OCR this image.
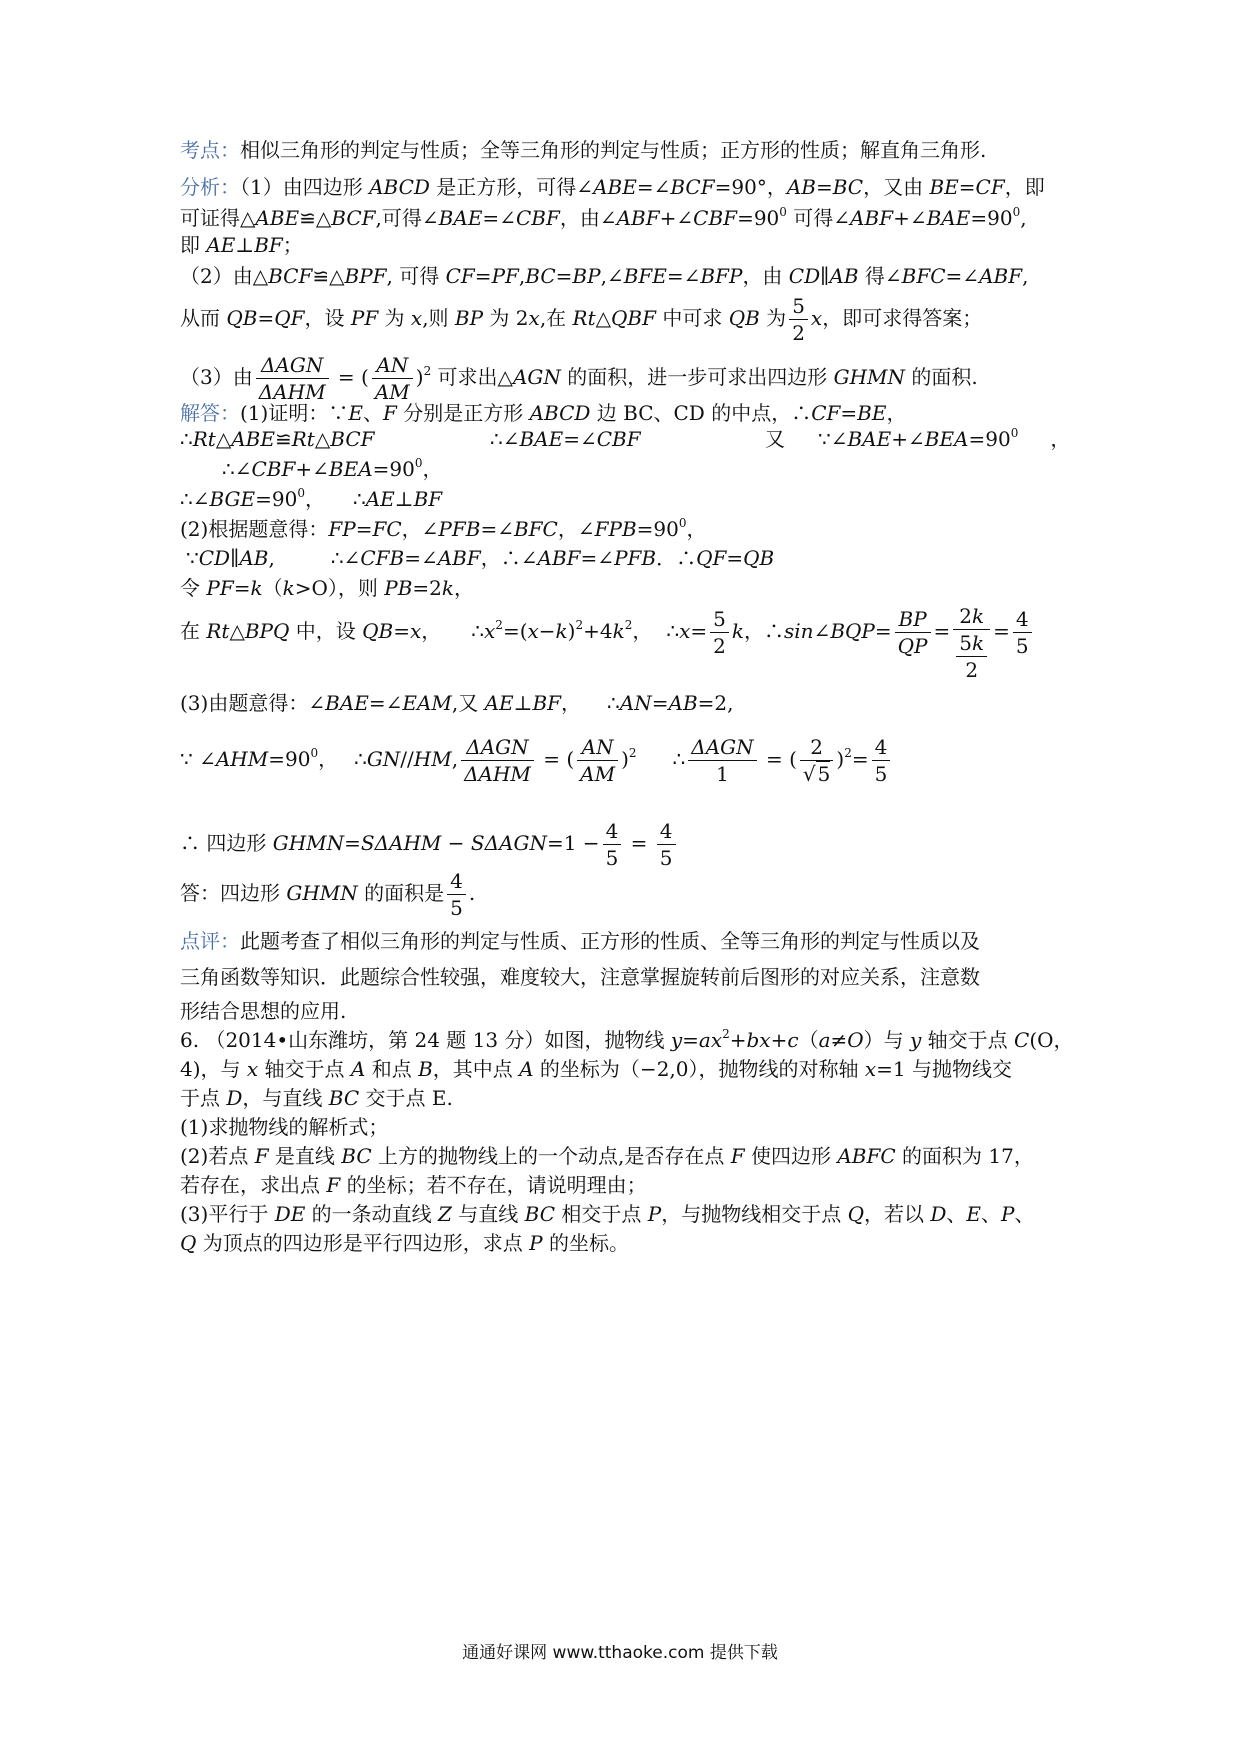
考点：相似三角形的判定与性质；全等三角形的判定与性质；正方形的性质；解直角三角形.
分析：（1）由四边形 ABCD 是正方形，可得∠ABE=∠BCF=90°，AB=BC，又由 BE=CF，即
可证得△ABE≌△BCF,可得∠BAE=∠CBF，由$\angle ABF+\angle CBF=90^0$ 可得$\angle ABF+\angle BAE=90^0$,
即 AE⊥BF；
（2）由△BCF≌△BPF, 可得 CF=PF,BC=BP,∠BFE=∠BFP，由 CD∥AB 得∠BFC=∠ABF,
从而 QB=QF，设 PF 为 x,则 BP 为 2x,在 Rt△QBF 中可求 QB 为 $\frac{5}{2}$ x，即可求得答案；
（3）由 $\frac{\text{ΔAGN}}{\text{ΔAHM}}$ = ( $\frac{AN}{AM} )^2$ 可求出△AGN 的面积，进一步可求出四边形 GHMN 的面积.
解答：(1)证明：∵E、F 分别是正方形 ABCD 边 BC、CD 的中点，∴CF=BE，
∴Rt△ABE≌Rt△BCF	∴∠BAE=∠CBF	又 $\because\angle BAE+\angle BEA=90^0$ ，
$\therefore\angle CBF+\angle BEA=90^0$，
$\therefore\angle BGE=90^0$， ∴AE⊥BF
(2)根据题意得：FP=FC，∠PFB=∠BFC，$\angle FPB=90^0$，
∵CD∥AB,	∴∠CFB=∠ABF，∴∠ABF=∠PFB．∴QF=QB
令 PF=k（k>O），则 PB=2k，
在 Rt△BPQ 中，设 QB=x， $\therefore x^2=(x-k)^2+4k^2$， ∴x= $\frac{5}{2}$ k，∴sin∠BQP= $\frac{BP}{QP} = \frac{2k}{\frac{5k}{2}} = \frac{4}{5}$
(3)由题意得：∠BAE=∠EAM,又 AE⊥BF， ∴AN=AB=2,
∵ $\angle AHM=90^0$， ∴GN//HM, $\frac{\text{ΔAGN}}{\text{ΔAHM}}$ = ( $\frac{AN}{AM} )^2$ ∴ $\frac{\text{ΔAGN}}{1}$ = ( $\frac{2}{√ 5} )^2= \frac{4}{5}$
∴ 四边形 GHMN=SΔAHM − $S\Delta AGN=1 - \frac{4}{5} = \frac{4}{5}$
答：四边形 GHMN 的面积是 $\frac{4}{5}$ .
点评：此题考查了相似三角形的判定与性质、正方形的性质、全等三角形的判定与性质以及
三角函数等知识．此题综合性较强，难度较大，注意掌握旋转前后图形的对应关系，注意数
形结合思想的应用.
6. （2014•山东潍坊，第 24 题 13 分）如图，抛物线 $y=ax^2+bx+c(a\ne O)$与 y 轴交于点 C(O，
4)，与 x 轴交于点 A 和点 B，其中点 A 的坐标为（−2,0），抛物线的对称轴 x=1 与抛物线交
于点 D，与直线 BC 交于点 E.
(1)求抛物线的解析式；
(2)若点 F 是直线 BC 上方的抛物线上的一个动点,是否存在点 F 使四边形 ABFC 的面积为 17，
若存在，求出点 F 的坐标；若不存在，请说明理由；
(3)平行于 DE 的一条动直线 Z 与直线 BC 相交于点 P，与抛物线相交于点 Q，若以 D、E、P、
Q 为顶点的四边形是平行四边形，求点 P 的坐标。
通通好课网 www.tthaoke.com 提供下载
